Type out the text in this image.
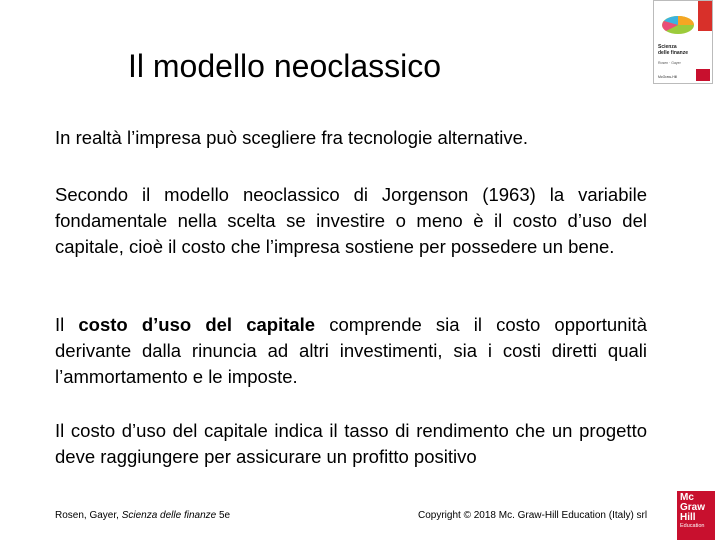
Il modello neoclassico
Scienza
delle finanze
Rosen · Gayer
McGraw-Hill
In realtà l’impresa può scegliere fra tecnologie alternative.
Secondo il modello neoclassico di Jorgenson (1963) la variabile fondamentale nella scelta se investire o meno è il costo d’uso del capitale, cioè il costo che l’impresa sostiene per possedere un bene.
Il costo d’uso del capitale comprende sia il costo opportunità derivante dalla rinuncia ad altri investimenti, sia i costi diretti quali l’ammortamento e le imposte.
Il costo d’uso del capitale indica il tasso di rendimento che un progetto deve raggiungere per assicurare un profitto positivo
Rosen, Gayer, Scienza delle finanze 5e	Copyright © 2018 Mc. Graw-Hill Education (Italy) srl
Mc
Graw
Hill
Education
